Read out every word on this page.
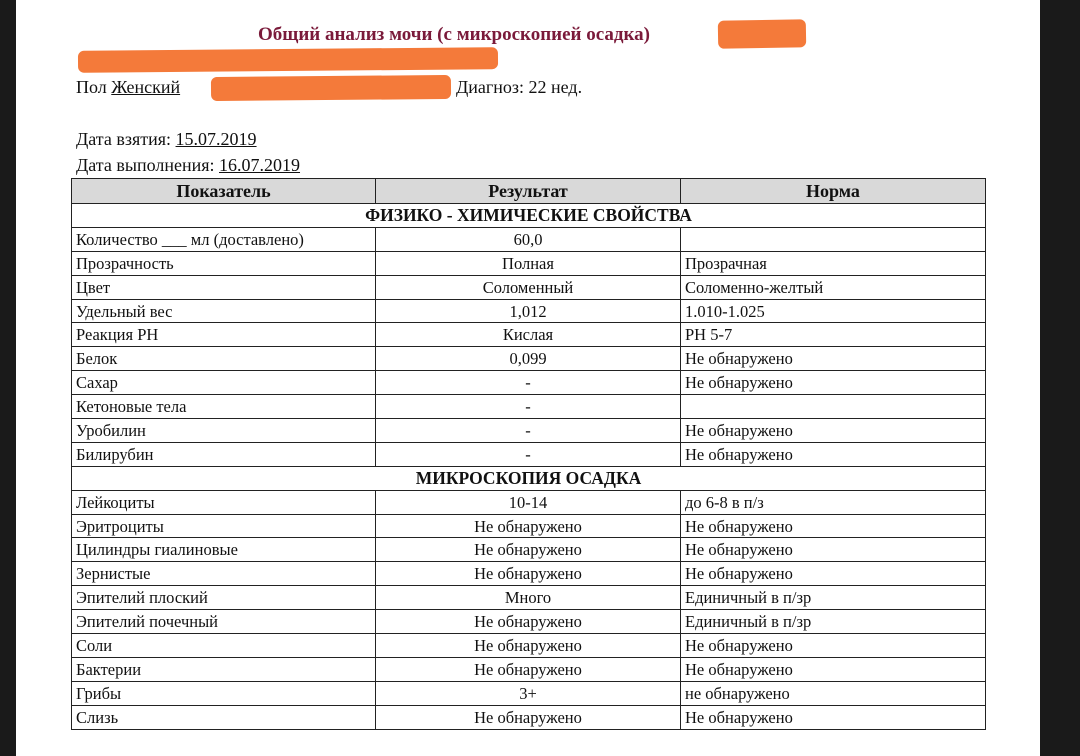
Общий анализ мочи (с микроскопией осадка)
Пол Женский	Диагноз: 22 нед.
Дата взятия: 15.07.2019
Дата выполнения: 16.07.2019
Показатель	Результат	Норма
ФИЗИКО - ХИМИЧЕСКИЕ СВОЙСТВА		
Количество ___ мл (доставлено)	60,0	
Прозрачность	Полная	Прозрачная
Цвет	Соломенный	Соломенно-желтый
Удельный вес	1,012	1.010-1.025
Реакция PH	Кислая	PH 5-7
Белок	0,099	Не обнаружено
Сахар	-	Не обнаружено
Кетоновые тела	-	
Уробилин	-	Не обнаружено
Билирубин	-	Не обнаружено
МИКРОСКОПИЯ ОСАДКА		
Лейкоциты	10-14	до 6-8 в п/з
Эритроциты	Не обнаружено	Не обнаружено
Цилиндры гиалиновые	Не обнаружено	Не обнаружено
Зернистые	Не обнаружено	Не обнаружено
Эпителий плоский	Много	Единичный в п/зр
Эпителий почечный	Не обнаружено	Единичный в п/зр
Соли	Не обнаружено	Не обнаружено
Бактерии	Не обнаружено	Не обнаружено
Грибы	3+	не обнаружено
Слизь	Не обнаружено	Не обнаружено
